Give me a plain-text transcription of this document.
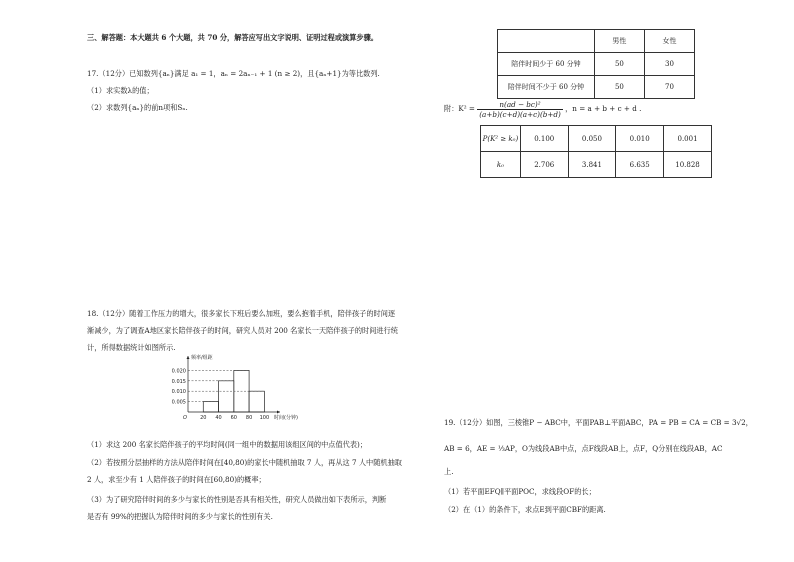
三、解答题：本大题共 6 个大题，共 70 分，解答应写出文字说明、证明过程或演算步骤。
17.（12分）已知数列{aₙ}满足 a₁ = 1，aₙ = 2aₙ₋₁ + 1 (n ≥ 2)，且{aₙ+1}为等比数列.
（1）求实数λ的值；
（2）求数列{aₙ}的前n项和Sₙ.
18.（12分）随着工作压力的增大，很多家长下班后要么加班，要么抱着手机，陪伴孩子的时间逐
渐减少，为了调查A地区家长陪伴孩子的时间，研究人员对 200 名家长一天陪伴孩子的时间进行统
计，所得数据统计如图所示.
0.005
0.010
0.015
0.020
20 40 60 80 100
O	时间(分钟)
频率/组距
（1）求这 200 名家长陪伴孩子的平均时间(同一组中的数据用该组区间的中点值代表)；
（2）若按照分层抽样的方法从陪伴时间在[40,80)的家长中随机抽取 7 人，再从这 7 人中随机抽取
2 人，求至少有 1 人陪伴孩子的时间在[60,80)的概率；
（3）为了研究陪伴时间的多少与家长的性别是否具有相关性，研究人员做出如下表所示，判断
是否有 99%的把握认为陪伴时间的多少与家长的性别有关.
	男性	女性
陪伴时间少于 60 分钟	50	30
陪伴时间不少于 60 分钟	50	70
附：$K^2 = \frac{\text{n(ad − bc)²}}{(a+b)(c+d)(a+c)(b+d)}$ ，n = a + b + c + d .
P(K² ≥ k₀)	0.100	0.050	0.010	0.001
k₀	2.706	3.841	6.635	10.828
19.（12分）如图，三棱锥P − ABC中，平面PAB⊥平面ABC，PA = PB = CA = CB = 3√2，
AB = 6，AE = ⅓AP，O为线段AB中点，点F线段AB上，点F，Q分别在线段AB，AC
上.
（1）若平面EFQ∥平面POC，求线段OF的长；
（2）在（1）的条件下，求点E到平面CBF的距离.
